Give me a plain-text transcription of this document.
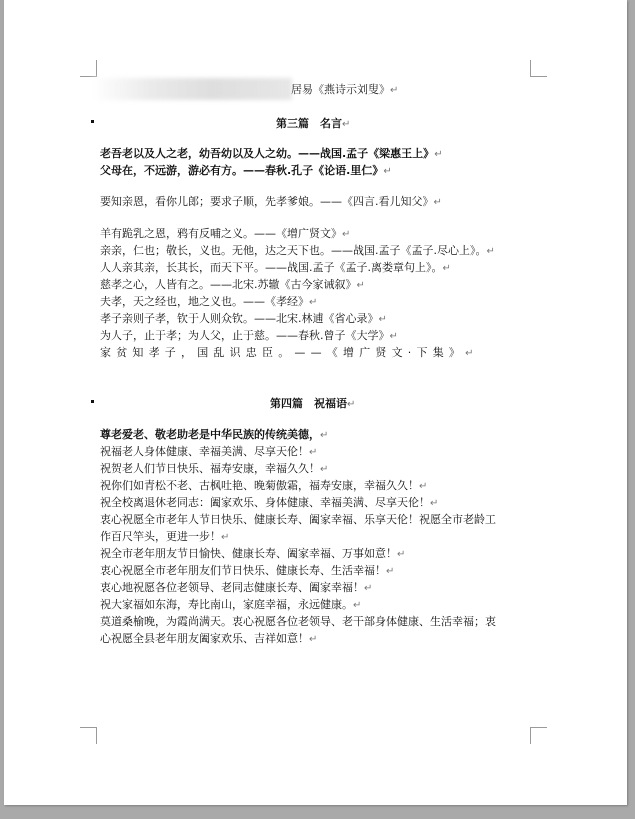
居易《燕诗示刘叟》↵
第三篇　名言↵
老吾老以及人之老，幼吾幼以及人之幼。——战国.孟子《梁惠王上》↵
父母在，不远游，游必有方。——春秋.孔子《论语.里仁》↵
要知亲恩，看你儿郎；要求子顺，先孝爹娘。——《四言.看儿知父》↵
羊有跪乳之恩，鸦有反哺之义。——《增广贤文》↵
亲亲，仁也；敬长，义也。无他，达之天下也。——战国.孟子《孟子.尽心上》。↵
人人亲其亲，长其长，而天下平。——战国.孟子《孟子.离娄章句上》。↵
慈孝之心，人皆有之。——北宋.苏辙《古今家诫叙》↵
夫孝，天之经也，地之义也。——《孝经》↵
孝子亲则子孝，钦于人则众钦。——北宋.林逋《省心录》↵
为人子，止于孝；为人父，止于慈。——春秋.曾子《大学》↵
家贫知孝子，国乱识忠臣。——《增广贤文·下集》↵
第四篇　祝福语↵
尊老爱老、敬老助老是中华民族的传统美德，↵
祝福老人身体健康、幸福美满、尽享天伦！↵
祝贺老人们节日快乐、福寿安康，幸福久久！↵
祝你们如青松不老、古枫吐艳、晚菊傲霜，福寿安康，幸福久久！↵
祝全校离退休老同志：阖家欢乐、身体健康、幸福美满、尽享天伦！↵
衷心祝愿全市老年人节日快乐、健康长寿、阖家幸福、乐享天伦！祝愿全市老龄工
作百尺竿头，更进一步！↵
祝全市老年朋友节日愉快、健康长寿、阖家幸福、万事如意！↵
衷心祝愿全市老年朋友们节日快乐、健康长寿、生活幸福！↵
衷心地祝愿各位老领导、老同志健康长寿、阖家幸福！↵
祝大家福如东海，寿比南山，家庭幸福，永远健康。↵
莫道桑榆晚，为霞尚满天。衷心祝愿各位老领导、老干部身体健康、生活幸福；衷
心祝愿全县老年朋友阖家欢乐、吉祥如意！↵
